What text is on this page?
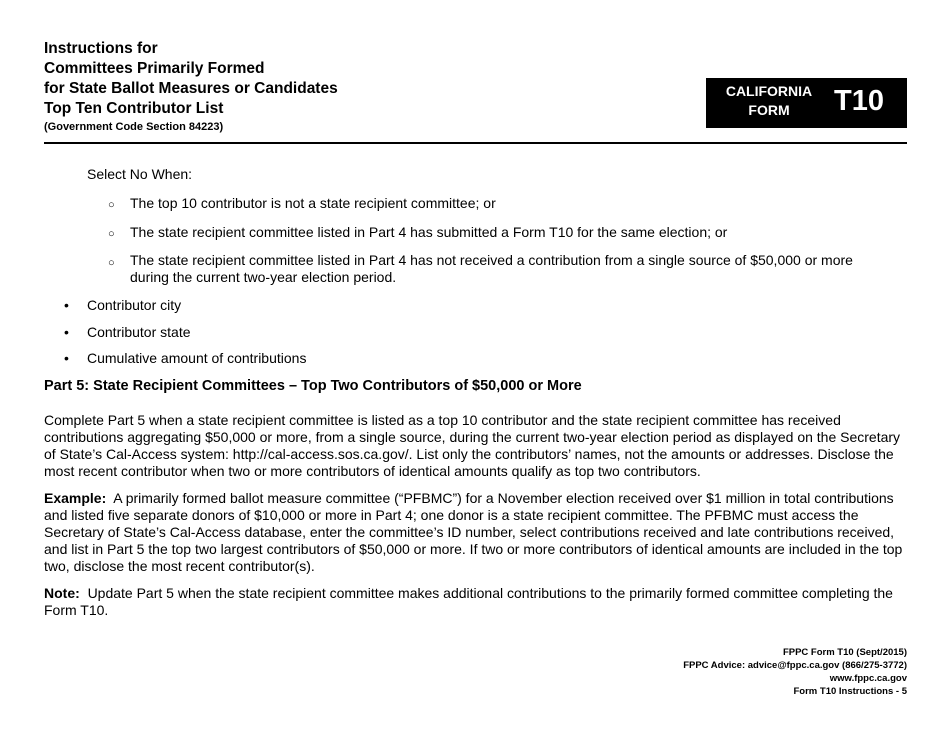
Instructions for
Committees Primarily Formed
for State Ballot Measures or Candidates
Top Ten Contributor List
(Government Code Section 84223)
CALIFORNIA
FORM	T10
Select No When:
○ The top 10 contributor is not a state recipient committee; or
○ The state recipient committee listed in Part 4 has submitted a Form T10 for the same election; or
○ The state recipient committee listed in Part 4 has not received a contribution from a single source of $50,000 or more during the current two-year election period.
• Contributor city
• Contributor state
• Cumulative amount of contributions
Part 5: State Recipient Committees – Top Two Contributors of $50,000 or More
Complete Part 5 when a state recipient committee is listed as a top 10 contributor and the state recipient committee has received contributions aggregating $50,000 or more, from a single source, during the current two-year election period as displayed on the Secretary of State’s Cal-Access system: http://cal-access.sos.ca.gov/. List only the contributors’ names, not the amounts or addresses. Disclose the most recent contributor when two or more contributors of identical amounts qualify as top two contributors.
Example: A primarily formed ballot measure committee (“PFBMC”) for a November election received over $1 million in total contributions and listed five separate donors of $10,000 or more in Part 4; one donor is a state recipient committee. The PFBMC must access the Secretary of State’s Cal-Access database, enter the committee’s ID number, select contributions received and late contributions received, and list in Part 5 the top two largest contributors of $50,000 or more. If two or more contributors of identical amounts are included in the top two, disclose the most recent contributor(s).
Note: Update Part 5 when the state recipient committee makes additional contributions to the primarily formed committee completing the Form T10.
FPPC Form T10 (Sept/2015)
FPPC Advice: advice@fppc.ca.gov (866/275-3772)
www.fppc.ca.gov
Form T10 Instructions - 5
